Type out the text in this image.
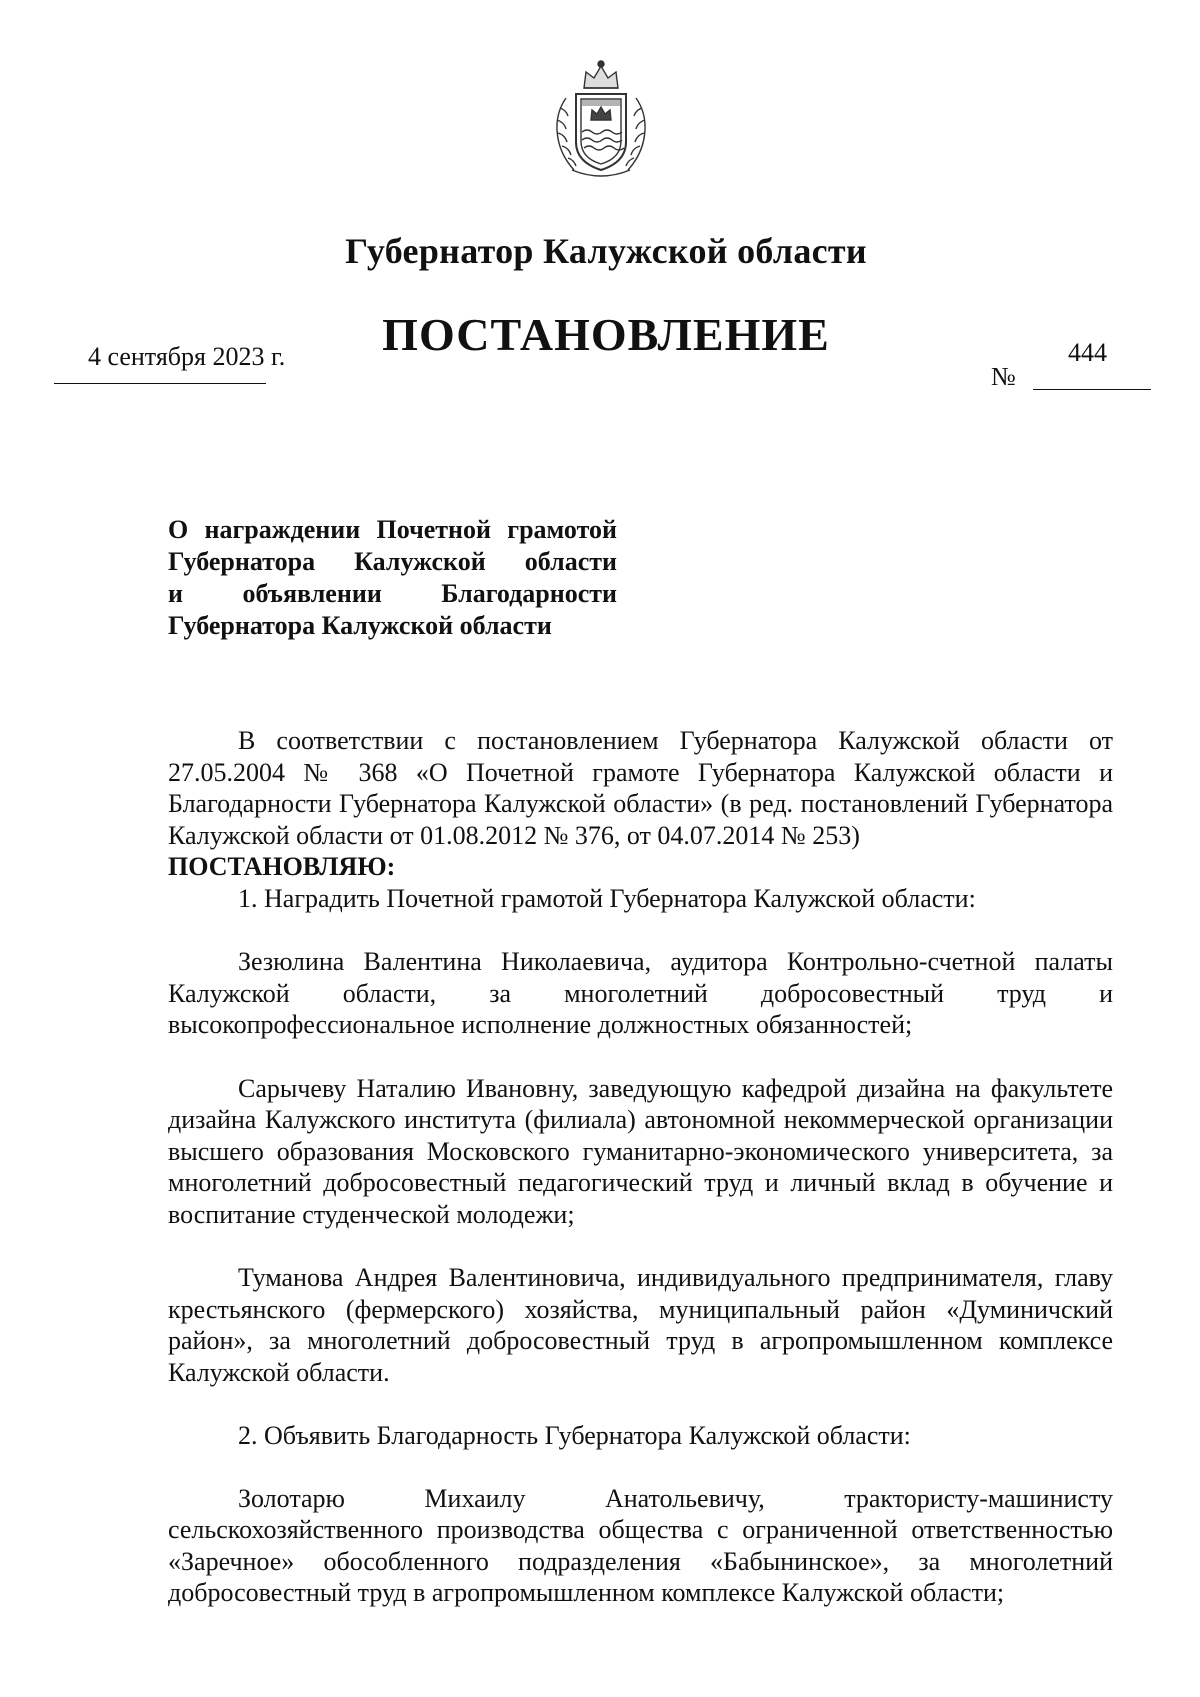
Губернатор Калужской области
ПОСТАНОВЛЕНИЕ
4 сентября 2023 г.	444
№
О награждении Почетной грамотой
Губернатора Калужской области
и объявлении Благодарности
Губернатора Калужской области

В соответствии с постановлением Губернатора Калужской области от 27.05.2004 № 368 «О Почетной грамоте Губернатора Калужской области и Благодарности Губернатора Калужской области» (в ред. постановлений Губернатора Калужской области от 01.08.2012 № 376, от 04.07.2014 № 253)

ПОСТАНОВЛЯЮ:

1. Наградить Почетной грамотой Губернатора Калужской области:

Зезюлина Валентина Николаевича, аудитора Контрольно-счетной палаты Калужской области, за многолетний добросовестный труд и высокопрофессиональное исполнение должностных обязанностей;

Сарычеву Наталию Ивановну, заведующую кафедрой дизайна на факультете дизайна Калужского института (филиала) автономной некоммерческой организации высшего образования Московского гуманитарно-экономического университета, за многолетний добросовестный педагогический труд и личный вклад в обучение и воспитание студенческой молодежи;

Туманова Андрея Валентиновича, индивидуального предпринимателя, главу крестьянского (фермерского) хозяйства, муниципальный район «Думиничский район», за многолетний добросовестный труд в агропромышленном комплексе Калужской области.

2. Объявить Благодарность Губернатора Калужской области:

Золотарю Михаилу Анатольевичу, трактористу-машинисту сельскохозяйственного производства общества с ограниченной ответственностью «Заречное» обособленного подразделения «Бабынинское», за многолетний добросовестный труд в агропромышленном комплексе Калужской области;
